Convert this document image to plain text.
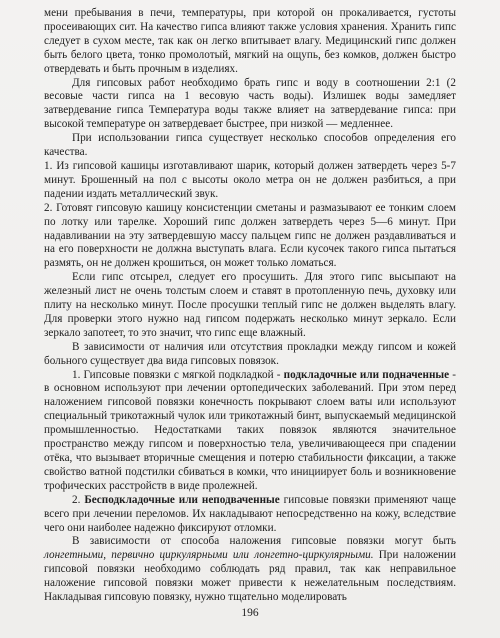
мени пребывания в печи, температуры, при которой он прокаливается, густоты просеивающих сит. На качество гипса влияют также условия хранения. Хранить гипс следует в сухом месте, так как он легко впитывает влагу. Медицинский гипс должен быть белого цвета, тонко промолотый, мягкий на ощупь, без комков, должен быстро отвердевать и быть прочным в изделиях.

Для гипсовых работ необходимо брать гипс и воду в соотношении 2:1 (2 весовые части гипса на 1 весовую часть воды). Излишек воды замедляет затвердевание гипса Температура воды также влияет на затвердевание гипса: при высокой температуре он затвердевает быстрее, при низкой — медленнее.

При использовании гипса существует несколько способов определения его качества.

1. Из гипсовой кашицы изготавливают шарик, который должен затвердеть через 5-7 минут. Брошенный на пол с высоты около метра он не должен разбиться, а при падении издать металлический звук.

2. Готовят гипсовую кашицу консистенции сметаны и размазывают ее тонким слоем по лотку или тарелке. Хороший гипс должен затвердеть через 5—6 минут. При надавливании на эту затвердевшую массу пальцем гипс не должен раздавливаться и на его поверхности не должна выступать влага. Если кусочек такого гипса пытаться размять, он не должен крошиться, он может только ломаться.

Если гипс отсырел, следует его просушить. Для этого гипс высыпают на железный лист не очень толстым слоем и ставят в протопленную печь, духовку или плиту на несколько минут. После просушки теплый гипс не должен выделять влагу. Для проверки этого нужно над гипсом подержать несколько минут зеркало. Если зеркало запотеет, то это значит, что гипс еще влажный.

В зависимости от наличия или отсутствия прокладки между гипсом и кожей больного существует два вида гипсовых повязок.

1. Гипсовые повязки с мягкой подкладкой - подкладочные или подначенные - в основном используют при лечении ортопедических заболеваний. При этом перед наложением гипсовой повязки конечность покрывают слоем ваты или используют специальный трикотажный чулок или трикотажный бинт, выпускаемый медицинской промышленностью. Недостатками таких повязок являются значительное пространство между гипсом и поверхностью тела, увеличивающееся при спадении отёка, что вызывает вторичные смещения и потерю стабильности фиксации, а также свойство ватной подстилки сбиваться в комки, что инициирует боль и возникновение трофических расстройств в виде пролежней.

2. Бесподкладочные или неподваченные гипсовые повязки применяют чаще всего при лечении переломов. Их накладывают непосредственно на кожу, вследствие чего они наиболее надежно фиксируют отломки.

В зависимости от способа наложения гипсовые повязки могут быть лонгетными, первично циркулярными или лонгетно-циркулярными. При наложении гипсовой повязки необходимо соблюдать ряд правил, так как неправильное наложение гипсовой повязки может привести к нежелательным последствиям. Накладывая гипсовую повязку, нужно тщательно моделировать

196
